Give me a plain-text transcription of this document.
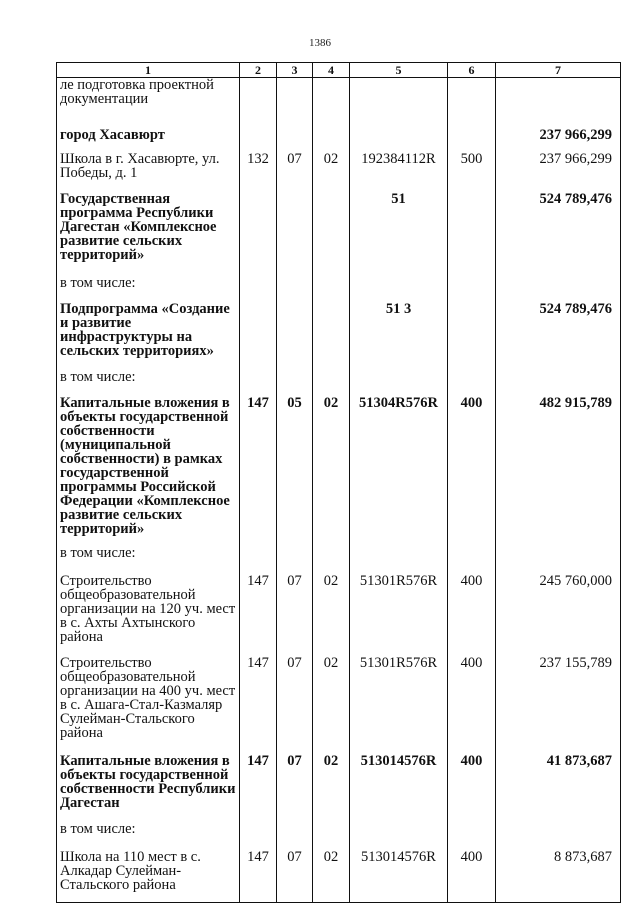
1386
1	2	3	4	5	6	7
ле подготовка проектной документации						
город Хасавюрт						237 966,299
Школа в г. Хасавюрте, ул. Победы, д. 1	132	07	02	192384112R	500	237 966,299
Государственная программа Республики Дагестан «Комплексное развитие сельских территорий»				51		524 789,476
в том числе:						
Подпрограмма «Создание и развитие инфраструктуры на сельских территориях»				51 3		524 789,476
в том числе:						
Капитальные вложения в объекты государственной собственности (муниципальной собственности) в рамках государственной программы Российской Федерации «Комплексное развитие сельских территорий»	147	05	02	51304R576R	400	482 915,789
в том числе:						
Строительство общеобразовательной организации на 120 уч. мест в с. Ахты Ахтынского района	147	07	02	51301R576R	400	245 760,000
Строительство общеобразовательной организации на 400 уч. мест в с. Ашага-Стал-Казмаляр Сулейман-Стальского района	147	07	02	51301R576R	400	237 155,789
Капитальные вложения в объекты государственной собственности Республики Дагестан	147	07	02	513014576R	400	41 873,687
в том числе:						
Школа на 110 мест в с. Алкадар Сулейман-Стальского района	147	07	02	513014576R	400	8 873,687
